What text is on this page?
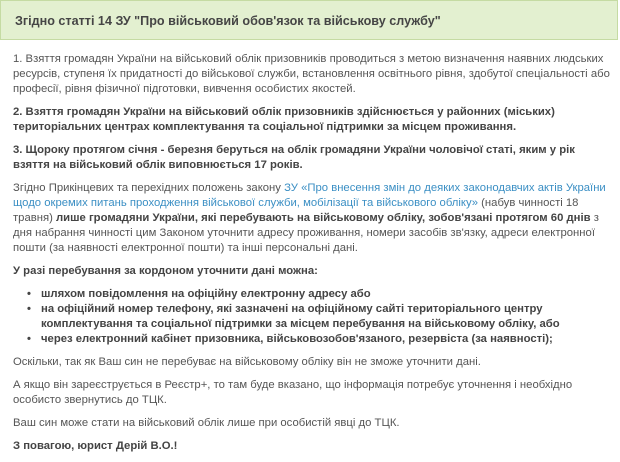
Згідно статті 14 ЗУ "Про військовий обов'язок та військову службу"

1. Взяття громадян України на військовий облік призовників проводиться з метою визначення наявних людських ресурсів, ступеня їх придатності до військової служби, встановлення освітнього рівня, здобутої спеціальності або професії, рівня фізичної підготовки, вивчення особистих якостей.

2. Взяття громадян України на військовий облік призовників здійснюється у районних (міських) територіальних центрах комплектування та соціальної підтримки за місцем проживання.

3. Щороку протягом січня - березня беруться на облік громадяни України чоловічої статі, яким у рік взяття на військовий облік виповнюється 17 років.

Згідно Прикінцевих та перехідних положень закону ЗУ «Про внесення змін до деяких законодавчих актів України щодо окремих питань проходження військової служби, мобілізації та військового обліку» (набув чинності 18 травня) лише громадяни України, які перебувають на військовому обліку, зобов'язані протягом 60 днів з дня набрання чинності цим Законом уточнити адресу проживання, номери засобів зв'язку, адреси електронної пошти (за наявності електронної пошти) та інші персональні дані.

У разі перебування за кордоном уточнити дані можна:

• шляхом повідомлення на офіційну електронну адресу або
• на офіційний номер телефону, які зазначені на офіційному сайті територіального центру комплектування та соціальної підтримки за місцем перебування на військовому обліку, або
• через електронний кабінет призовника, військовозобов'язаного, резервіста (за наявності);

Оскільки, так як Ваш син не перебуває на військовому обліку він не зможе уточнити дані.

А якщо він зареєструється в Реєстр+, то там буде вказано, що інформація потребує уточнення і необхідно особисто звернутись до ТЦК.

Ваш син може стати на військовий облік лише при особистій явці до ТЦК.

З повагою, юрист Дерій В.О.!
